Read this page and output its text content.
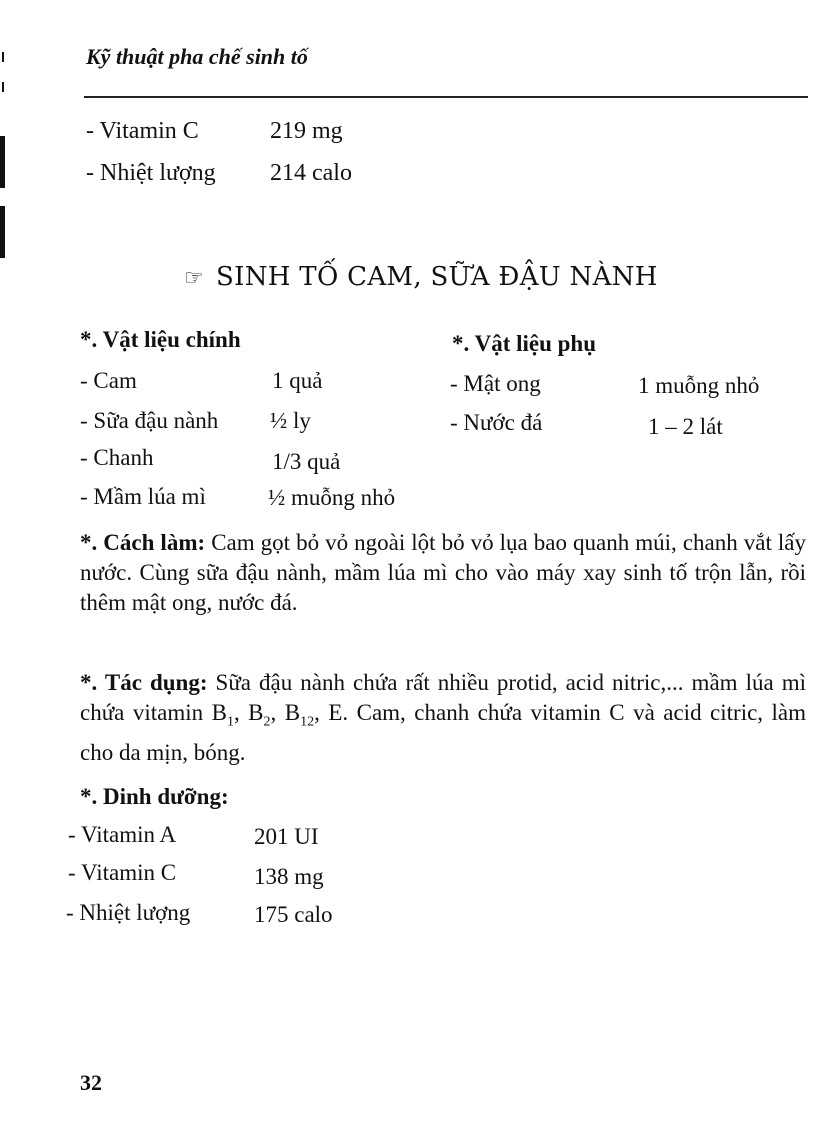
Kỹ thuật pha chế sinh tố
- Vitamin C	219 mg
- Nhiệt lượng 214 calo
☞ SINH TỐ CAM, SỮA ĐẬU NÀNH
*. Vật liệu chính
- Cam	1 quả
- Sữa đậu nành ½ ly
- Chanh	1/3 quả
- Mầm lúa mì	½ muỗng nhỏ
*. Vật liệu phụ
- Mật ong	1 muỗng nhỏ
- Nước đá	1 – 2 lát
*. Cách làm: Cam gọt bỏ vỏ ngoài lột bỏ vỏ lụa bao quanh múi, chanh vắt lấy nước. Cùng sữa đậu nành, mầm lúa mì cho vào máy xay sinh tố trộn lẫn, rồi thêm mật ong, nước đá.
*. Tác dụng: Sữa đậu nành chứa rất nhiều protid, acid nitric,... mầm lúa mì chứa vitamin $B_1$, $B_2$, $B_{12}$, E. Cam, chanh chứa vitamin C và acid citric, làm cho da mịn, bóng.
*. Dinh dưỡng:
- Vitamin A	201 UI
- Vitamin C	138 mg
- Nhiệt lượng	175 calo
32
